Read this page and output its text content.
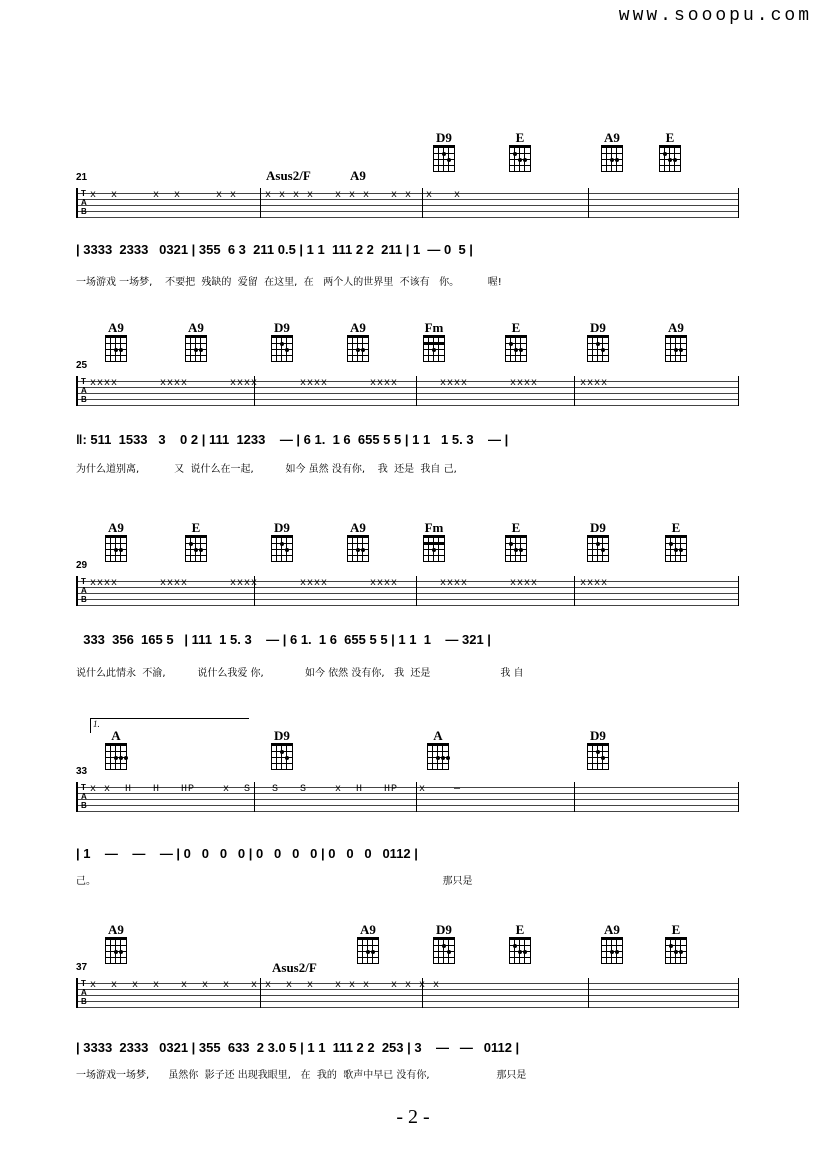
www.sooopu.com
Asus2/F	A9
D9	E	A9	E
21
T
A
B
x  x     x  x     x x    x x x x   x x x   x x  x   x
| 3333  2333   0321 | 355  6 3  211 0.5 | 1 1  111 2 2  211 | 1  — 0  5 |
一场游戏 一场梦,    不要把  残缺的  爱留  在这里,  在   两个人的世界里  不该有   你。         喔!
A9	A9	D9	A9	Fm	E	D9	A9
25
T
A
B
xxxx      xxxx      xxxx      xxxx      xxxx      xxxx      xxxx      xxxx
‖: 511  1533   3    0 2 | 111  1233    — | 6 1.  1 6  655 5 5 | 1 1   1 5. 3    — |
为什么道别离,           又  说什么在一起,          如今 虽然 没有你,    我  还是  我自 己,
A9	E	D9	A9	Fm	E	D9	E
29
T
A
B
xxxx      xxxx      xxxx      xxxx      xxxx      xxxx      xxxx      xxxx
333  356  165 5   | 111  1 5. 3    — | 6 1.  1 6  655 5 5 | 1 1  1    — 321 |
说什么此情永  不渝,          说什么我爱 你,             如今 依然 没有你,   我  还是                      我 自
1.
A	D9	A	D9
33
T
A
B
x x  H   H   HP    x  S   S   S    x  H   HP   x    —
| 1    —    —    — | 0   0   0   0 | 0   0   0   0 | 0   0   0   0112 |
己。                                                                                                             那只是
A9
Asus2/F
A9	D9	E	A9	E
37
T
A
B
x  x  x  x   x  x  x   x x  x  x   x x x   x x x x
| 3333  2333   0321 | 355  633  2 3.0 5 | 1 1  111 2 2  253 | 3    —   —   0112 |
一场游戏一场梦,      虽然你  影子还 出现我眼里,   在  我的  歌声中早已 没有你,                     那只是
- 2 -
